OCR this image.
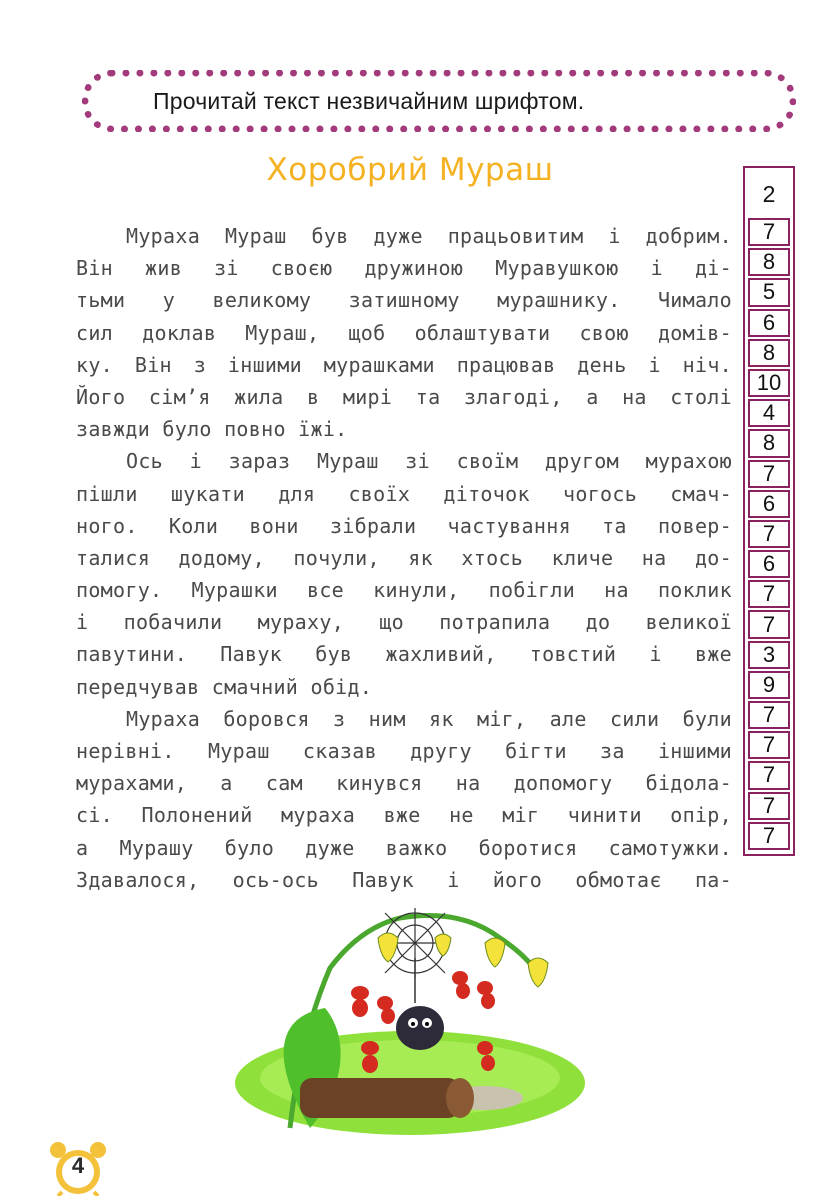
Прочитай текст незвичайним шрифтом.
Хоробрий Мураш
Мураха Мураш був дуже працьовитим і добрим.
Він жив зі своєю дружиною Муравушкою і ді-
тьми у великому затишному мурашнику. Чимало
сил доклав Мураш, щоб облаштувати свою домів-
ку. Він з іншими мурашками працював день і ніч.
Його сім’я жила в мирі та злагоді, а на столі
завжди було повно їжі.
Ось і зараз Мураш зі своїм другом мурахою
пішли шукати для своїх діточок чогось смач-
ного. Коли вони зібрали частування та повер-
талися додому, почули, як хтось кличе на до-
помогу. Мурашки все кинули, побігли на поклик
і побачили мураху, що потрапила до великої
павутини. Павук був жахливий, товстий і вже
передчував смачний обід.
Мураха боровся з ним як міг, але сили були
нерівні. Мураш сказав другу бігти за іншими
мурахами, а сам кинувся на допомогу бідола-
сі. Полонений мураха вже не міг чинити опір,
а Мурашу було дуже важко боротися самотужки.
Здавалося, ось-ось Павук і його обмотає па-
2
7
8
5
6
8
10
4
8
7
6
7
6
7
7
3
9
7
7
7
7
7
4
